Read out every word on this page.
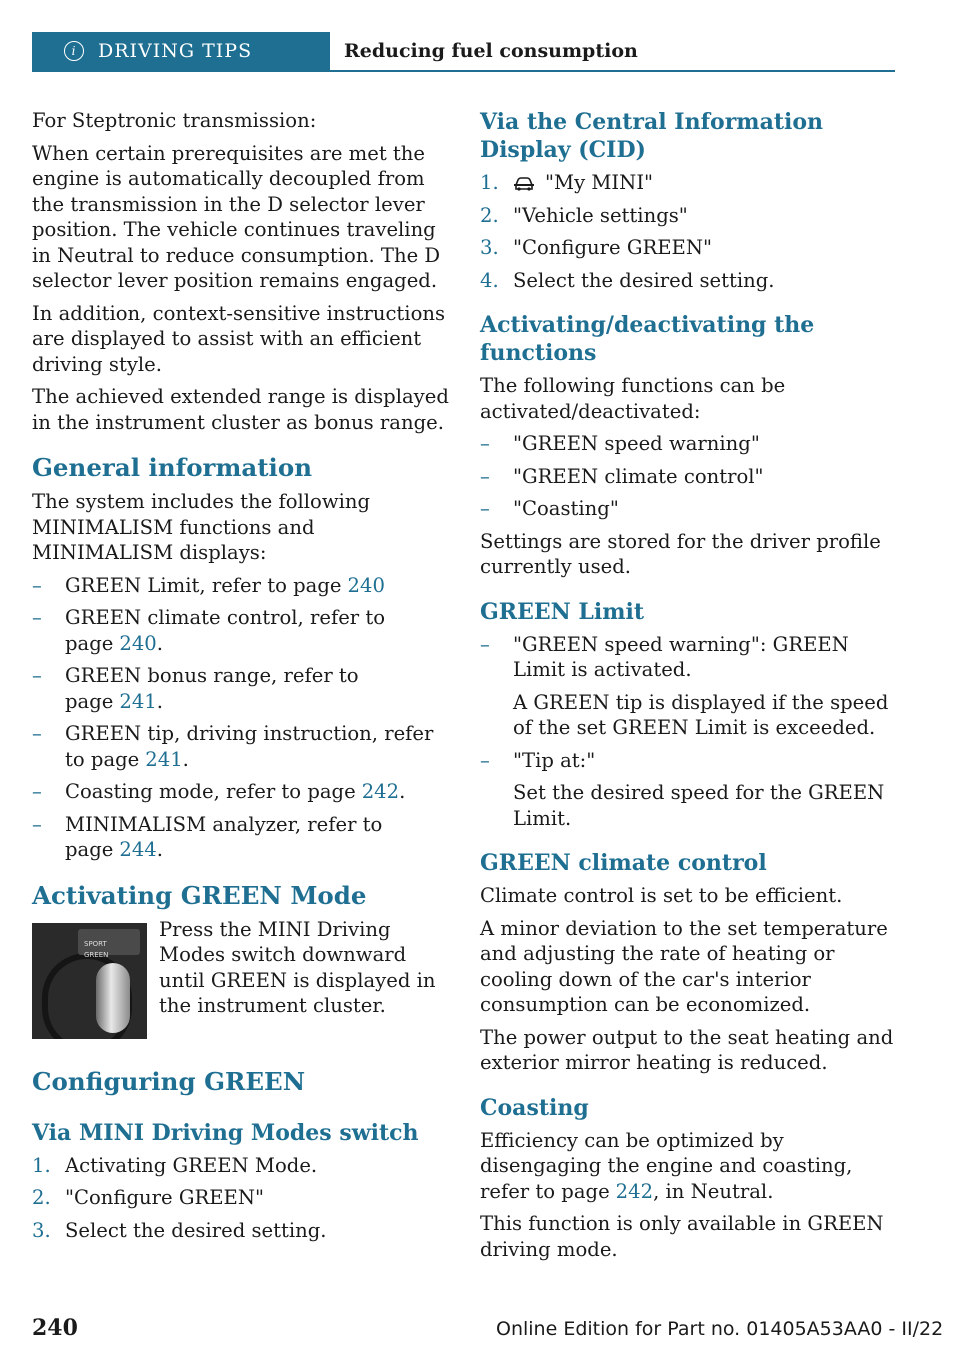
i	DRIVING TIPS	Reducing fuel consumption

For Steptronic transmission:

When certain prerequisites are met the engine is automatically decoupled from the transmission in the D selector lever position. The vehicle continues traveling in Neutral to reduce consumption. The D selector lever position remains engaged.

In addition, context-sensitive instructions are displayed to assist with an efficient driving style.

The achieved extended range is displayed in the instrument cluster as bonus range.

General information

The system includes the following MINIMALISM functions and MINIMALISM displays:

– GREEN Limit, refer to page 240
– GREEN climate control, refer to page 240.
– GREEN bonus range, refer to page 241.
– GREEN tip, driving instruction, refer to page 241.
– Coasting mode, refer to page 242.
– MINIMALISM analyzer, refer to page 244.
Activating GREEN Mode
SPORT
GREEN

Press the MINI Driving Modes switch downward until GREEN is displayed in the instrument cluster.

Configuring GREEN
Via MINI Driving Modes switch
1. Activating GREEN Mode.
2. "Configure GREEN"
3. Select the desired setting.
Via the Central Information Display (CID)
1. "My MINI"
2. "Vehicle settings"
3. "Configure GREEN"
4. Select the desired setting.
Activating/deactivating the functions

The following functions can be activated/deactivated:

– "GREEN speed warning"
– "GREEN climate control"
– "Coasting"

Settings are stored for the driver profile currently used.

GREEN Limit
– "GREEN speed warning": GREEN Limit is activated.
A GREEN tip is displayed if the speed of the set GREEN Limit is exceeded.
– "Tip at:"
Set the desired speed for the GREEN Limit.
GREEN climate control

Climate control is set to be efficient.

A minor deviation to the set temperature and adjusting the rate of heating or cooling down of the car's interior consumption can be economized.

The power output to the seat heating and exterior mirror heating is reduced.

Coasting

Efficiency can be optimized by disengaging the engine and coasting, refer to page 242, in Neutral.

This function is only available in GREEN driving mode.

240	Online Edition for Part no. 01405A53AA0 - II/22
